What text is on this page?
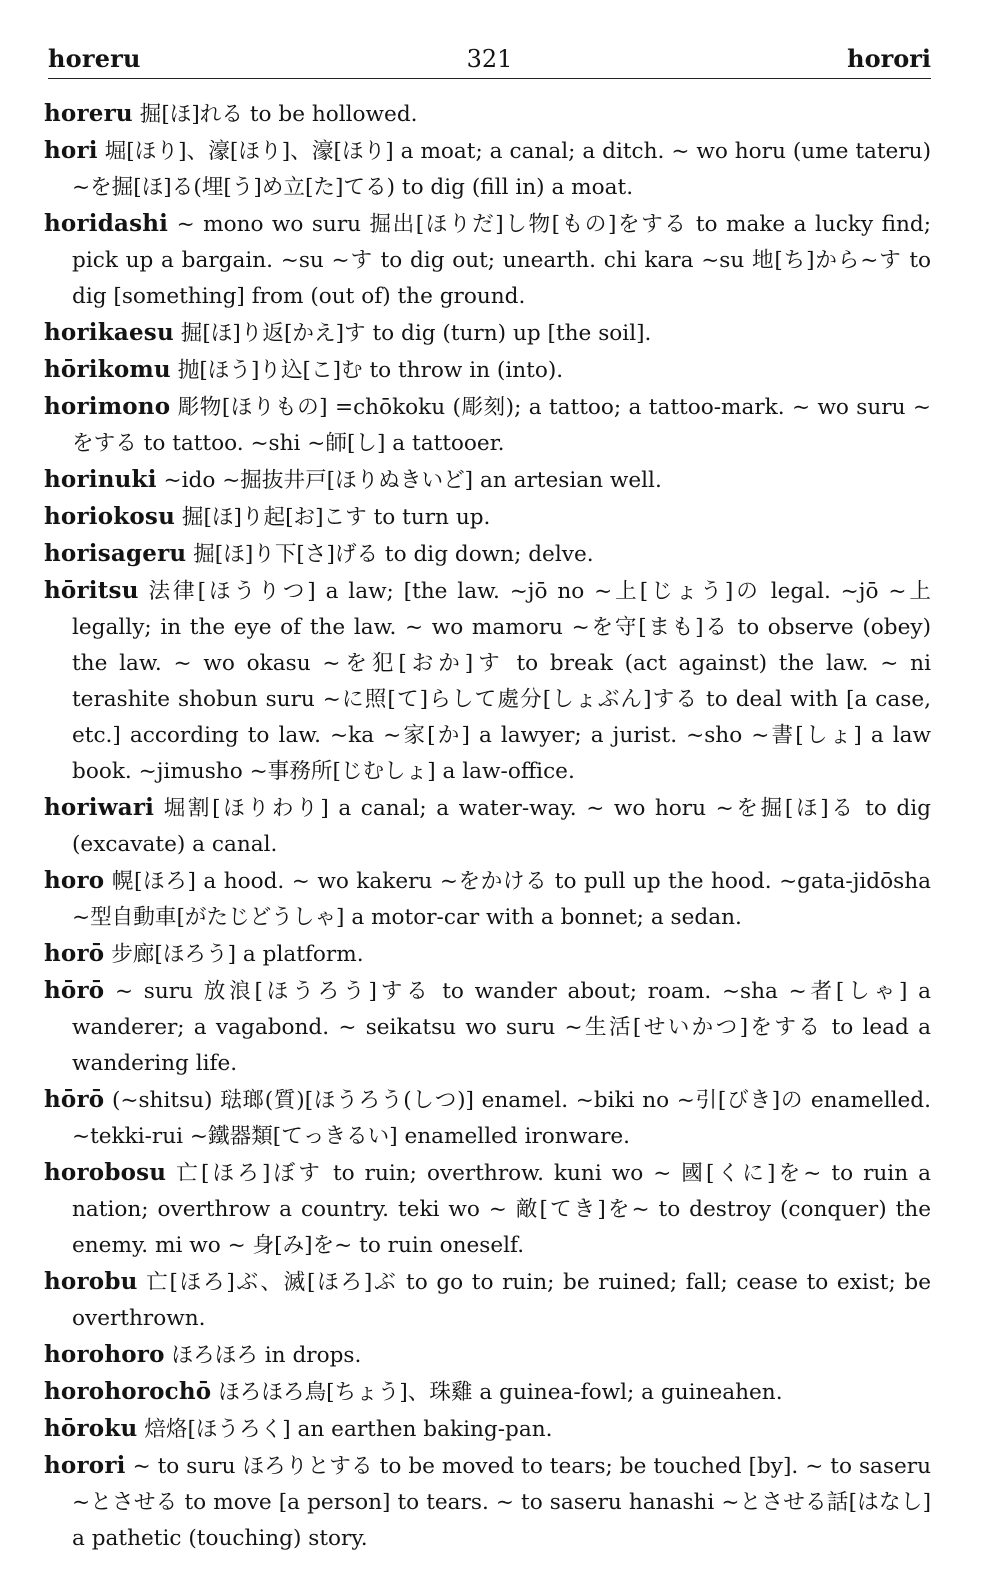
horeru	321	horori

horeru 掘[ほ]れる to be hollowed.

hori 堀[ほり]、濠[ほり]、濠[ほり] a moat; a canal; a ditch. ~ wo horu (ume tateru) ~を掘[ほ]る(埋[う]め立[た]てる) to dig (fill in) a moat.

horidashi ~ mono wo suru 掘出[ほりだ]し物[もの]をする to make a lucky find; pick up a bargain. ~su ~す to dig out; unearth. chi kara ~su 地[ち]から~す to dig [something] from (out of) the ground.

horikaesu 掘[ほ]り返[かえ]す to dig (turn) up [the soil].

hōrikomu 抛[ほう]り込[こ]む to throw in (into).

horimono 彫物[ほりもの] =chōkoku (彫刻); a tattoo; a tattoo-mark. ~ wo suru ~をする to tattoo. ~shi ~師[し] a tattooer.

horinuki ~ido ~掘抜井戸[ほりぬきいど] an artesian well.

horiokosu 掘[ほ]り起[お]こす to turn up.

horisageru 掘[ほ]り下[さ]げる to dig down; delve.

hōritsu 法律[ほうりつ] a law; [the law. ~jō no ~上[じょう]の legal. ~jō ~上 legally; in the eye of the law. ~ wo mamoru ~を守[まも]る to observe (obey) the law. ~ wo okasu ~を犯[おか]す to break (act against) the law. ~ ni terashite shobun suru ~に照[て]らして處分[しょぶん]する to deal with [a case, etc.] according to law. ~ka ~家[か] a lawyer; a jurist. ~sho ~書[しょ] a law book. ~jimusho ~事務所[じむしょ] a law-office.

horiwari 堀割[ほりわり] a canal; a water-way. ~ wo horu ~を掘[ほ]る to dig (excavate) a canal.

horo 幌[ほろ] a hood. ~ wo kakeru ~をかける to pull up the hood. ~gata-jidōsha ~型自動車[がたじどうしゃ] a motor-car with a bonnet; a sedan.

horō 步廊[ほろう] a platform.

hōrō ~ suru 放浪[ほうろう]する to wander about; roam. ~sha ~者[しゃ] a wanderer; a vagabond. ~ seikatsu wo suru ~生活[せいかつ]をする to lead a wandering life.

hōrō (~shitsu) 琺瑯(質)[ほうろう(しつ)] enamel. ~biki no ~引[びき]の enamelled. ~tekki-rui ~鐵器類[てっきるい] enamelled ironware.

horobosu 亡[ほろ]ぼす to ruin; overthrow. kuni wo ~ 國[くに]を~ to ruin a nation; overthrow a country. teki wo ~ 敵[てき]を~ to destroy (conquer) the enemy. mi wo ~ 身[み]を~ to ruin oneself.

horobu 亡[ほろ]ぶ、滅[ほろ]ぶ to go to ruin; be ruined; fall; cease to exist; be overthrown.

horohoro ほろほろ in drops.

horohorochō ほろほろ鳥[ちょう]、珠雞 a guinea-fowl; a guineahen.

hōroku 焙烙[ほうろく] an earthen baking-pan.

horori ~ to suru ほろりとする to be moved to tears; be touched [by]. ~ to saseru ~とさせる to move [a person] to tears. ~ to saseru hanashi ~とさせる話[はなし] a pathetic (touching) story.
